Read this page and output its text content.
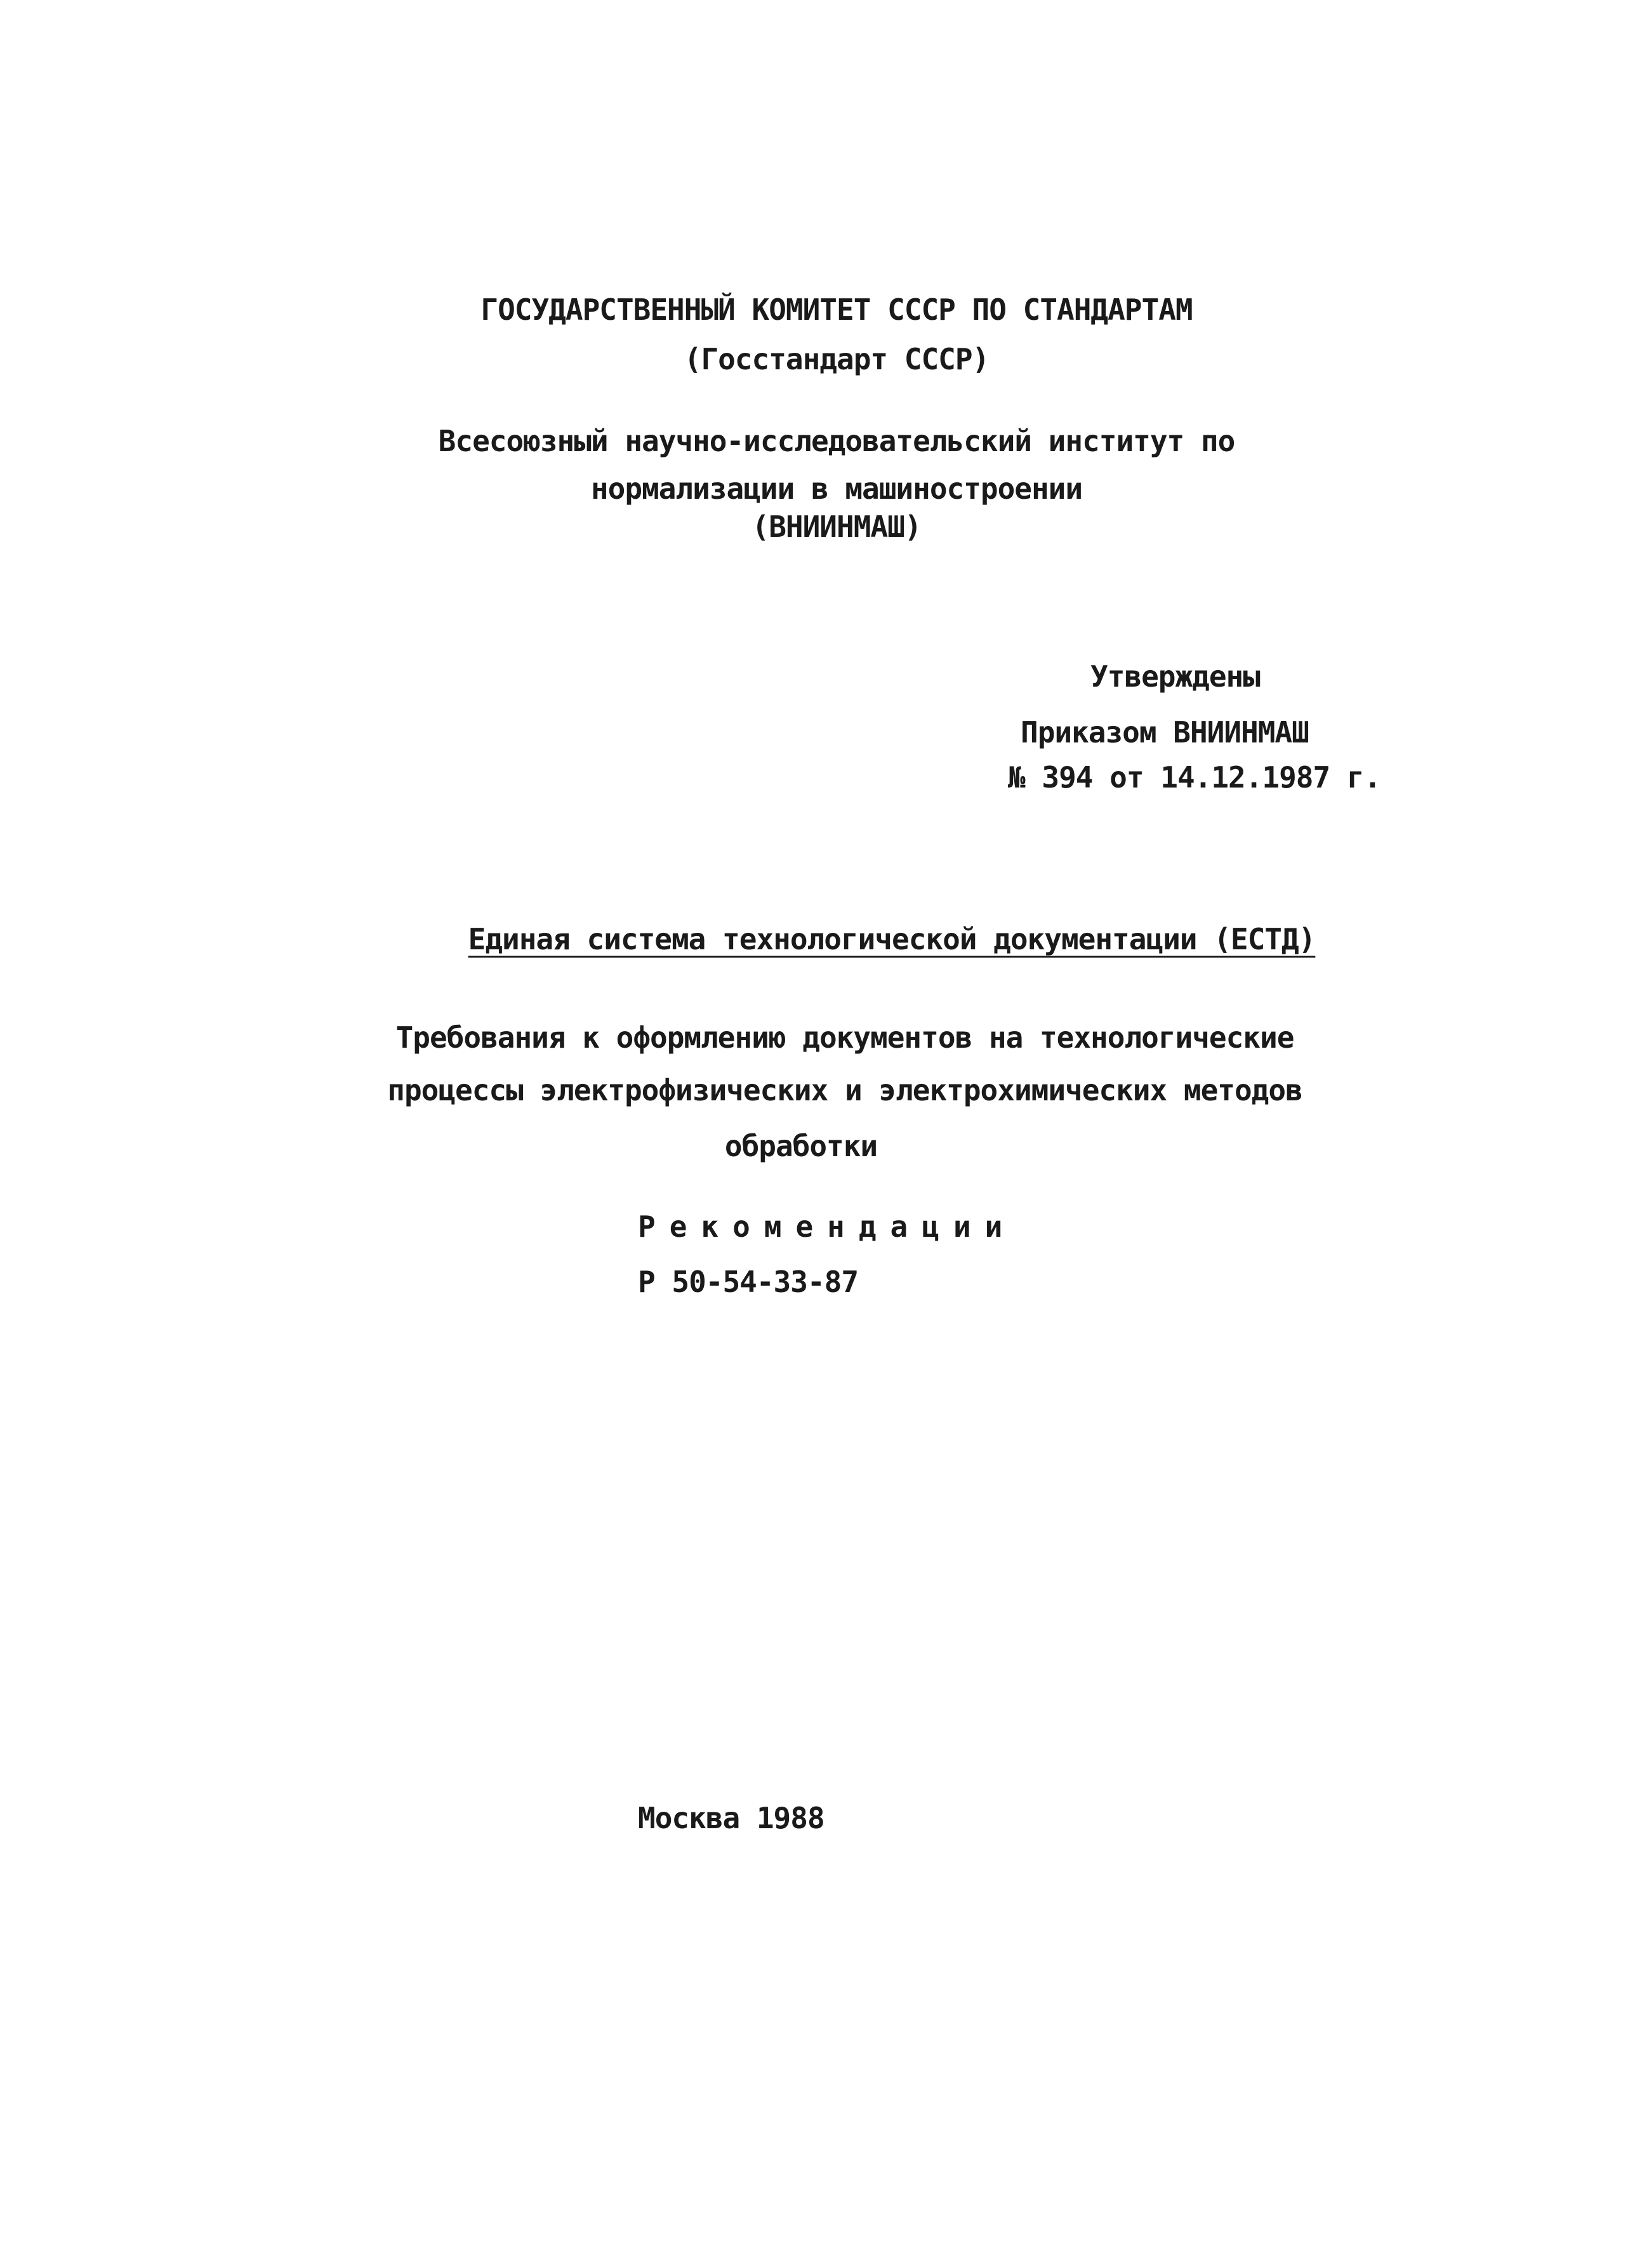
ГОСУДАРСТВЕННЫЙ КОМИТЕТ СССР ПО СТАНДАРТАМ
(Госстандарт СССР)
Всесоюзный научно-исследовательский институт по
нормализации в машиностроении
(ВНИИНМАШ)
Утверждены
Приказом ВНИИНМАШ
№ 394 от 14.12.1987 г.
Единая система технологической документации (ЕСТД)
Требования к оформлению документов на технологические
процессы электрофизических и электрохимических методов
обработки
Рекомендации
Р 50-54-33-87
Москва 1988
